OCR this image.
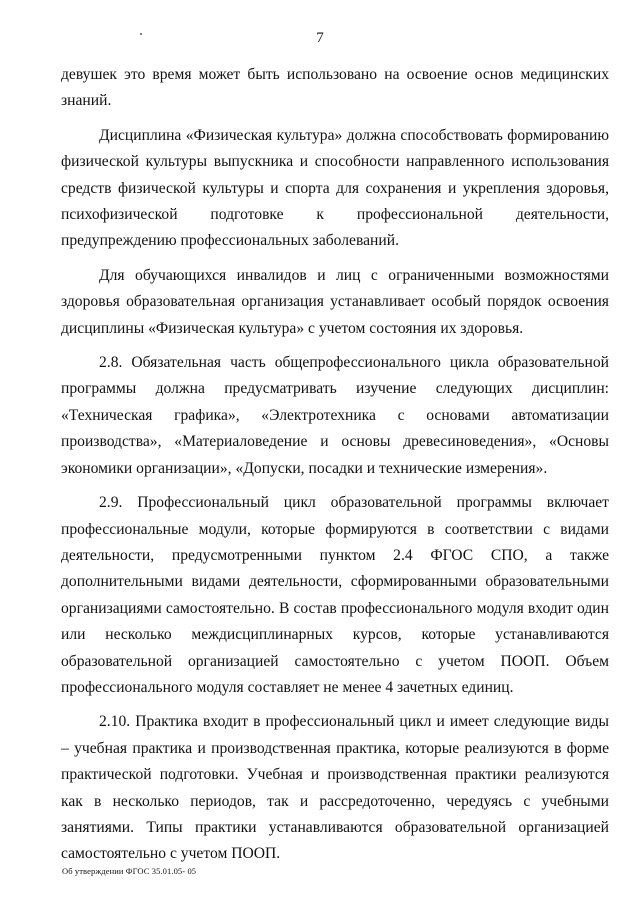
7

девушек это время может быть использовано на освоение основ медицинских знаний.

Дисциплина «Физическая культура» должна способствовать формированию физической культуры выпускника и способности направленного использования средств физической культуры и спорта для сохранения и укрепления здоровья, психофизической подготовке к профессиональной деятельности, предупреждению профессиональных заболеваний.

Для обучающихся инвалидов и лиц с ограниченными возможностями здоровья образовательная организация устанавливает особый порядок освоения дисциплины «Физическая культура» с учетом состояния их здоровья.

2.8. Обязательная часть общепрофессионального цикла образовательной программы должна предусматривать изучение следующих дисциплин: «Техническая графика», «Электротехника с основами автоматизации производства», «Материаловедение и основы древесиноведения», «Основы экономики организации», «Допуски, посадки и технические измерения».

2.9. Профессиональный цикл образовательной программы включает профессиональные модули, которые формируются в соответствии с видами деятельности, предусмотренными пунктом 2.4 ФГОС СПО, а также дополнительными видами деятельности, сформированными образовательными организациями самостоятельно. В состав профессионального модуля входит один или несколько междисциплинарных курсов, которые устанавливаются образовательной организацией самостоятельно с учетом ПООП. Объем профессионального модуля составляет не менее 4 зачетных единиц.

2.10. Практика входит в профессиональный цикл и имеет следующие виды – учебная практика и производственная практика, которые реализуются в форме практической подготовки. Учебная и производственная практики реализуются как в несколько периодов, так и рассредоточенно, чередуясь с учебными занятиями. Типы практики устанавливаются образовательной организацией самостоятельно с учетом ПООП.

Об утверждении ФГОС 35.01.05- 05
